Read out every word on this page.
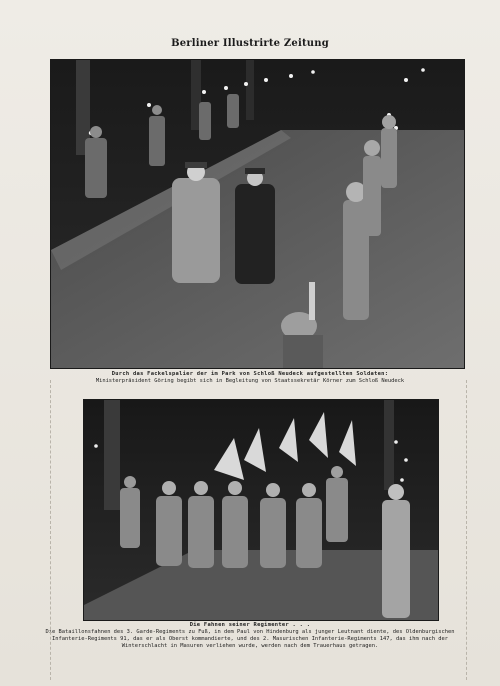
Berliner Illustrirte Zeitung
Durch das Fackelspalier der im Park von Schloß Neudeck aufgestellten Soldaten:
Ministerpräsident Göring begibt sich in Begleitung von Staatssekretär Körner zum Schloß Neudeck
Die Fahnen seiner Regimenter . . .
Die Bataillonsfahnen des 3. Garde-Regiments zu Fuß, in dem Paul von Hindenburg als junger Leutnant diente, des Oldenburgischen Infanterie-Regiments 91, das er als Oberst kommandierte, und des 2. Masurischen Infanterie-Regiments 147, das ihm nach der Winterschlacht in Masuren verliehen wurde, werden nach dem Trauerhaus getragen.
